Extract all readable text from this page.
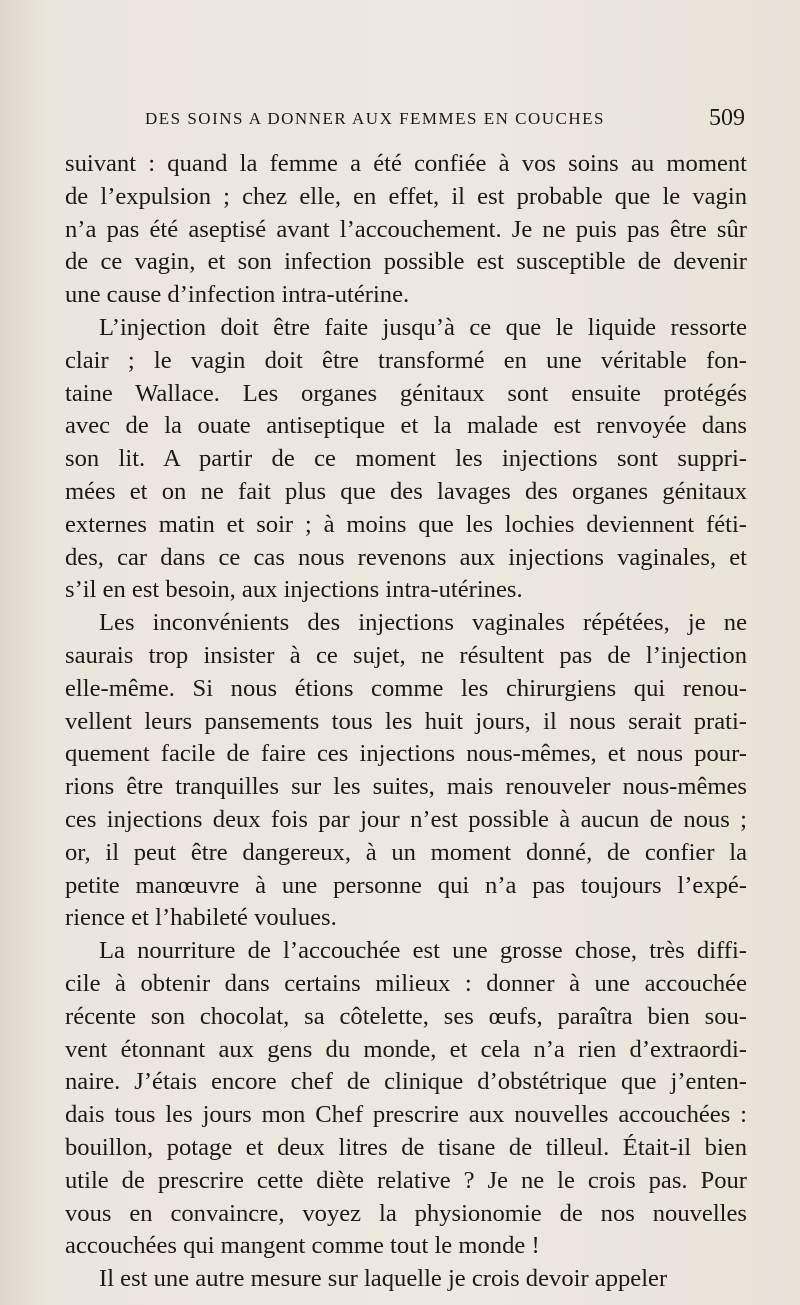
DES SOINS A DONNER AUX FEMMES EN COUCHES	509
suivant : quand la femme a été confiée à vos soins au moment
de l’expulsion ; chez elle, en effet, il est probable que le vagin
n’a pas été aseptisé avant l’accouchement. Je ne puis pas être sûr
de ce vagin, et son infection possible est susceptible de devenir
une cause d’infection intra-utérine.
L’injection doit être faite jusqu’à ce que le liquide ressorte
clair ; le vagin doit être transformé en une véritable fon-
taine Wallace. Les organes génitaux sont ensuite protégés
avec de la ouate antiseptique et la malade est renvoyée dans
son lit. A partir de ce moment les injections sont suppri-
mées et on ne fait plus que des lavages des organes génitaux
externes matin et soir ; à moins que les lochies deviennent féti-
des, car dans ce cas nous revenons aux injections vaginales, et
s’il en est besoin, aux injections intra-utérines.
Les inconvénients des injections vaginales répétées, je ne
saurais trop insister à ce sujet, ne résultent pas de l’injection
elle-même. Si nous étions comme les chirurgiens qui renou-
vellent leurs pansements tous les huit jours, il nous serait prati-
quement facile de faire ces injections nous-mêmes, et nous pour-
rions être tranquilles sur les suites, mais renouveler nous-mêmes
ces injections deux fois par jour n’est possible à aucun de nous ;
or, il peut être dangereux, à un moment donné, de confier la
petite manœuvre à une personne qui n’a pas toujours l’expé-
rience et l’habileté voulues.
La nourriture de l’accouchée est une grosse chose, très diffi-
cile à obtenir dans certains milieux : donner à une accouchée
récente son chocolat, sa côtelette, ses œufs, paraîtra bien sou-
vent étonnant aux gens du monde, et cela n’a rien d’extraordi-
naire. J’étais encore chef de clinique d’obstétrique que j’enten-
dais tous les jours mon Chef prescrire aux nouvelles accouchées :
bouillon, potage et deux litres de tisane de tilleul. Était-il bien
utile de prescrire cette diète relative ? Je ne le crois pas. Pour
vous en convaincre, voyez la physionomie de nos nouvelles
accouchées qui mangent comme tout le monde !
Il est une autre mesure sur laquelle je crois devoir appeler
